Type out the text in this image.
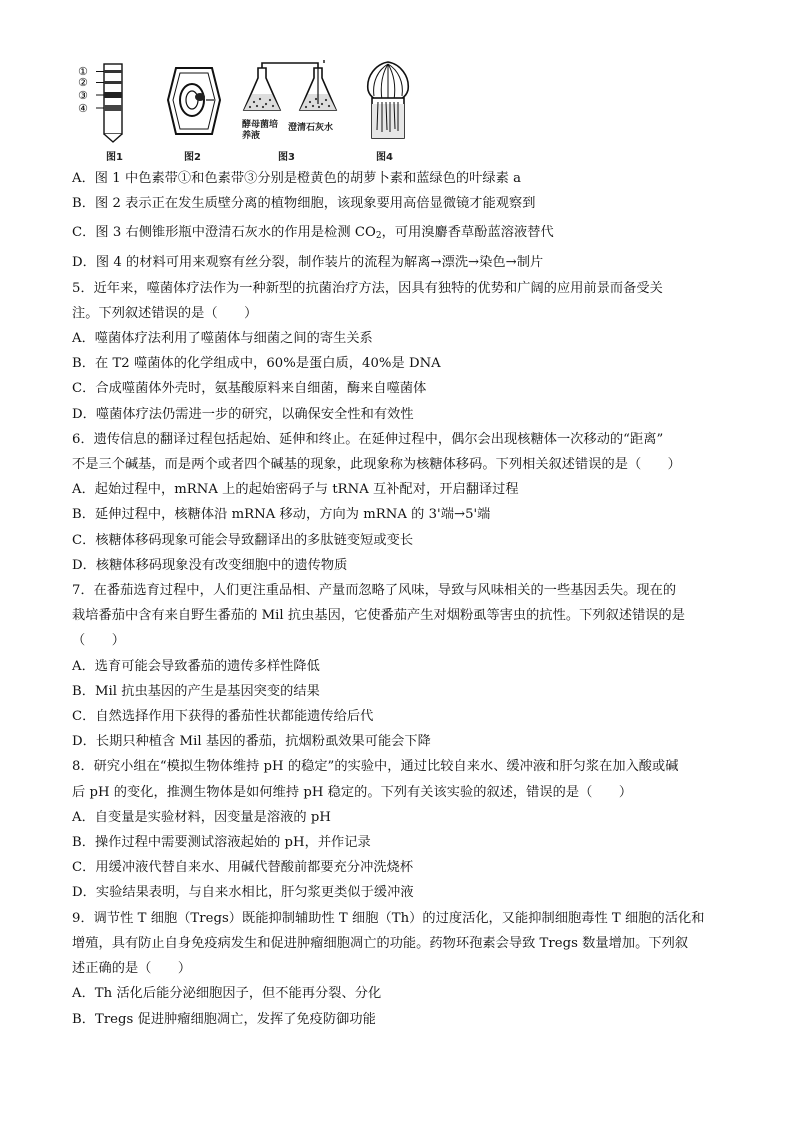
①
②
③
④
图1	图2
酵母菌培养液
澄清石灰水
图3	图4
A．图 1 中色素带①和色素带③分别是橙黄色的胡萝卜素和蓝绿色的叶绿素 a
B．图 2 表示正在发生质壁分离的植物细胞，该现象要用高倍显微镜才能观察到
C．图 3 右侧锥形瓶中澄清石灰水的作用是检测 $CO_2$，可用溴麝香草酚蓝溶液替代
D．图 4 的材料可用来观察有丝分裂，制作装片的流程为解离→漂洗→染色→制片
5．近年来，噬菌体疗法作为一种新型的抗菌治疗方法，因具有独特的优势和广阔的应用前景而备受关
注。下列叙述错误的是（　　）
A．噬菌体疗法利用了噬菌体与细菌之间的寄生关系
B．在 T2 噬菌体的化学组成中，60%是蛋白质，40%是 DNA
C．合成噬菌体外壳时，氨基酸原料来自细菌，酶来自噬菌体
D．噬菌体疗法仍需进一步的研究，以确保安全性和有效性
6．遗传信息的翻译过程包括起始、延伸和终止。在延伸过程中，偶尔会出现核糖体一次移动的“距离”
不是三个碱基，而是两个或者四个碱基的现象，此现象称为核糖体移码。下列相关叙述错误的是（　　）
A．起始过程中，mRNA 上的起始密码子与 tRNA 互补配对，开启翻译过程
B．延伸过程中，核糖体沿 mRNA 移动，方向为 mRNA 的 3'端→5'端
C．核糖体移码现象可能会导致翻译出的多肽链变短或变长
D．核糖体移码现象没有改变细胞中的遗传物质
7．在番茄选育过程中，人们更注重品相、产量而忽略了风味，导致与风味相关的一些基因丢失。现在的
栽培番茄中含有来自野生番茄的 Mil 抗虫基因，它使番茄产生对烟粉虱等害虫的抗性。下列叙述错误的是
（　　）
A．选育可能会导致番茄的遗传多样性降低
B．Mil 抗虫基因的产生是基因突变的结果
C．自然选择作用下获得的番茄性状都能遗传给后代
D．长期只种植含 Mil 基因的番茄，抗烟粉虱效果可能会下降
8．研究小组在“模拟生物体维持 pH 的稳定”的实验中，通过比较自来水、缓冲液和肝匀浆在加入酸或碱
后 pH 的变化，推测生物体是如何维持 pH 稳定的。下列有关该实验的叙述，错误的是（　　）
A．自变量是实验材料，因变量是溶液的 pH
B．操作过程中需要测试溶液起始的 pH，并作记录
C．用缓冲液代替自来水、用碱代替酸前都要充分冲洗烧杯
D．实验结果表明，与自来水相比，肝匀浆更类似于缓冲液
9．调节性 T 细胞（Tregs）既能抑制辅助性 T 细胞（Th）的过度活化，又能抑制细胞毒性 T 细胞的活化和
增殖，具有防止自身免疫病发生和促进肿瘤细胞凋亡的功能。药物环孢素会导致 Tregs 数量增加。下列叙
述正确的是（　　）
A．Th 活化后能分泌细胞因子，但不能再分裂、分化
B．Tregs 促进肿瘤细胞凋亡，发挥了免疫防御功能
